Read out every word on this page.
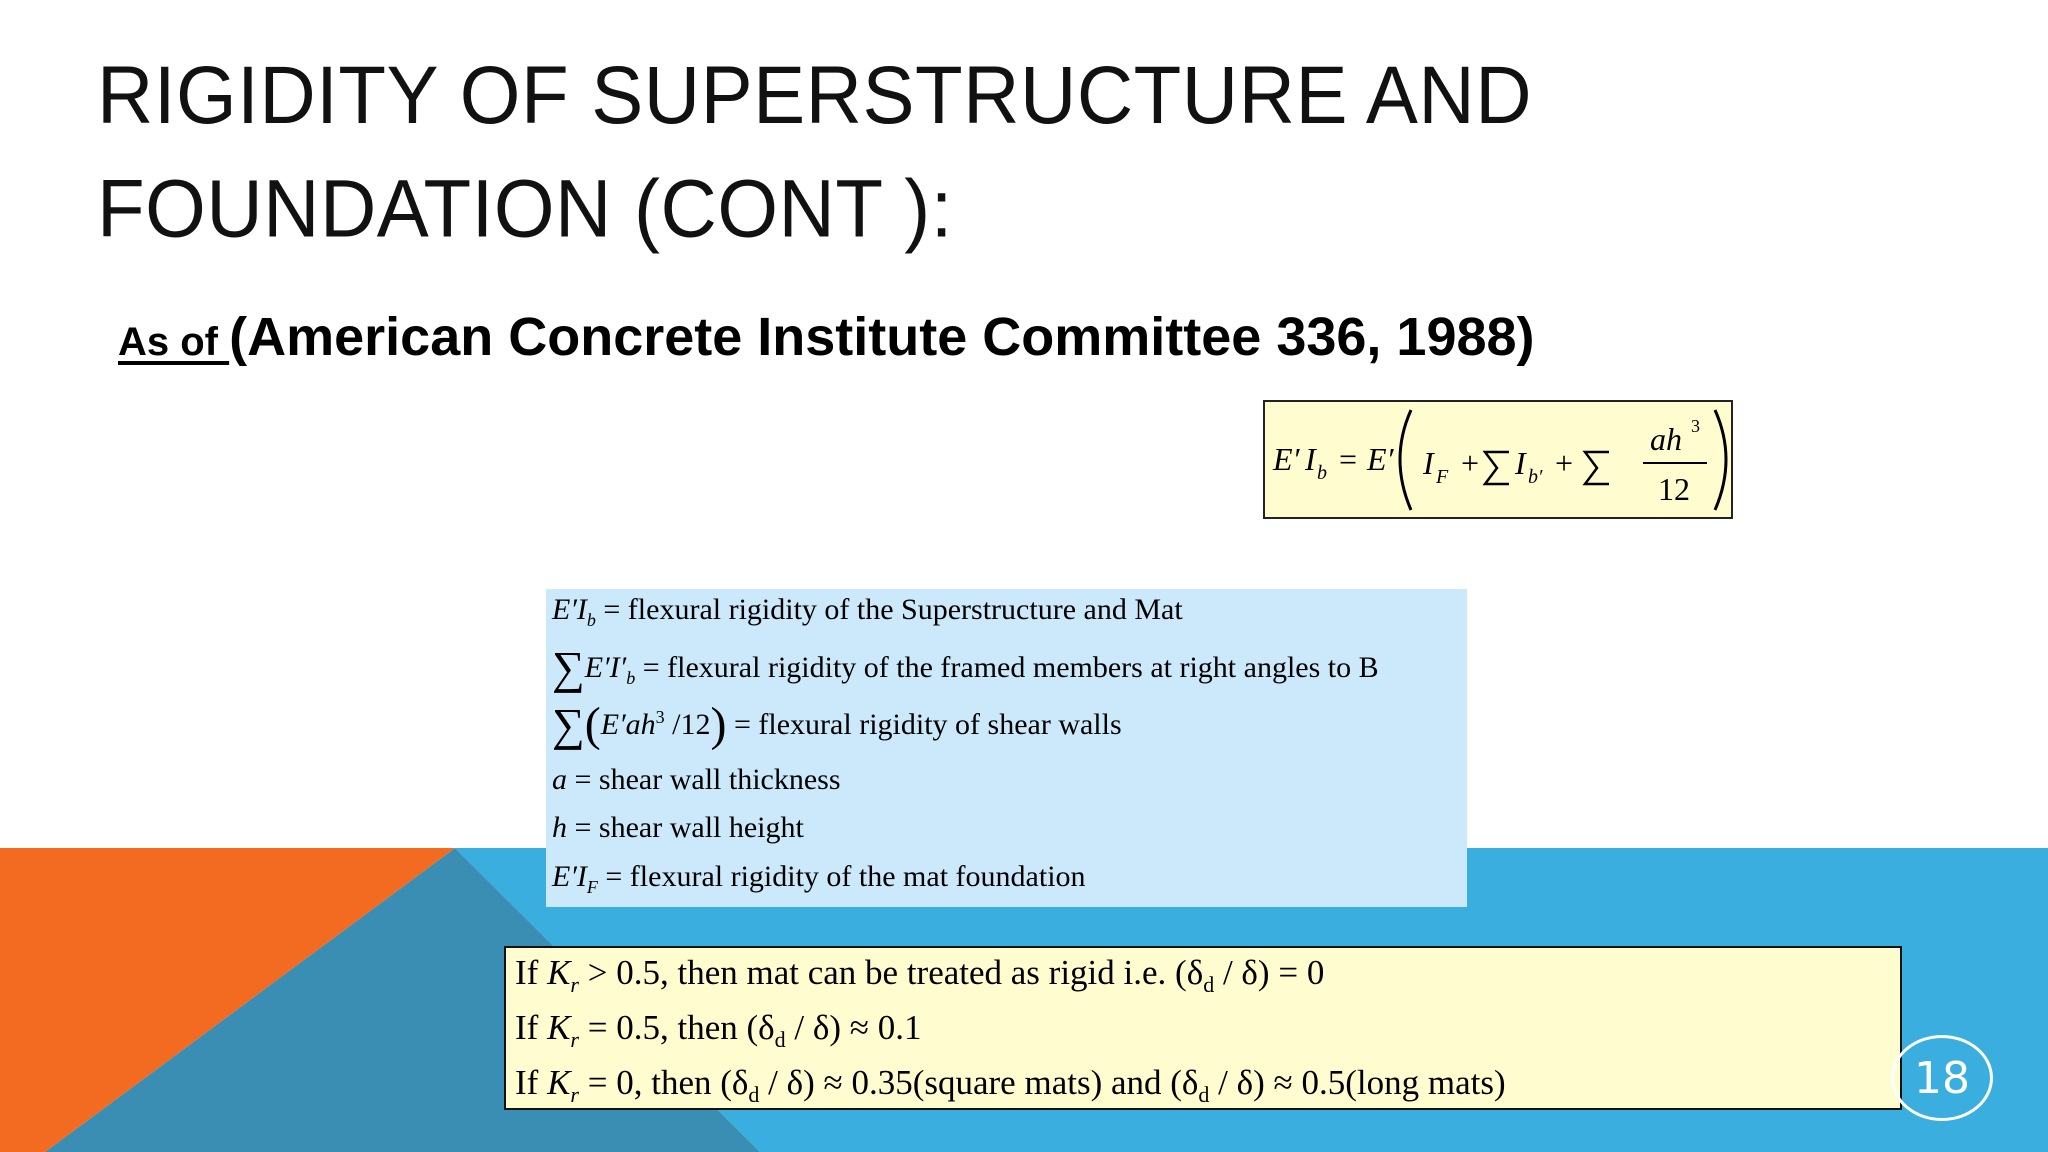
RIGIDITY OF SUPERSTRUCTURE AND
FOUNDATION (CONT ):
As of (American Concrete Institute Committee 336, 1988)
E′ I b = E′ I F + I b′ +
ah 3
12
$E'I_b$ = flexural rigidity of the Superstructure and Mat
$\sum E'I'_b$ = flexural rigidity of the framed members at right angles to B
$\sum(E'ah^3$ /12) = flexural rigidity of shear walls
a = shear wall thickness
h = shear wall height
$E'I_F$ = flexural rigidity of the mat foundation
If $K_r > 0.5$, then mat can be treated as rigid i.e. $(\delta_d / \delta) = 0$
If $K_r = 0.5$, then $(\delta_d / \delta) \approx 0.1$
If $K_r = 0$, then $(\delta_d / \delta)$ ≈ 0.35(square mats) and $(\delta_d / \delta)$ ≈ 0.5(long mats)	18
